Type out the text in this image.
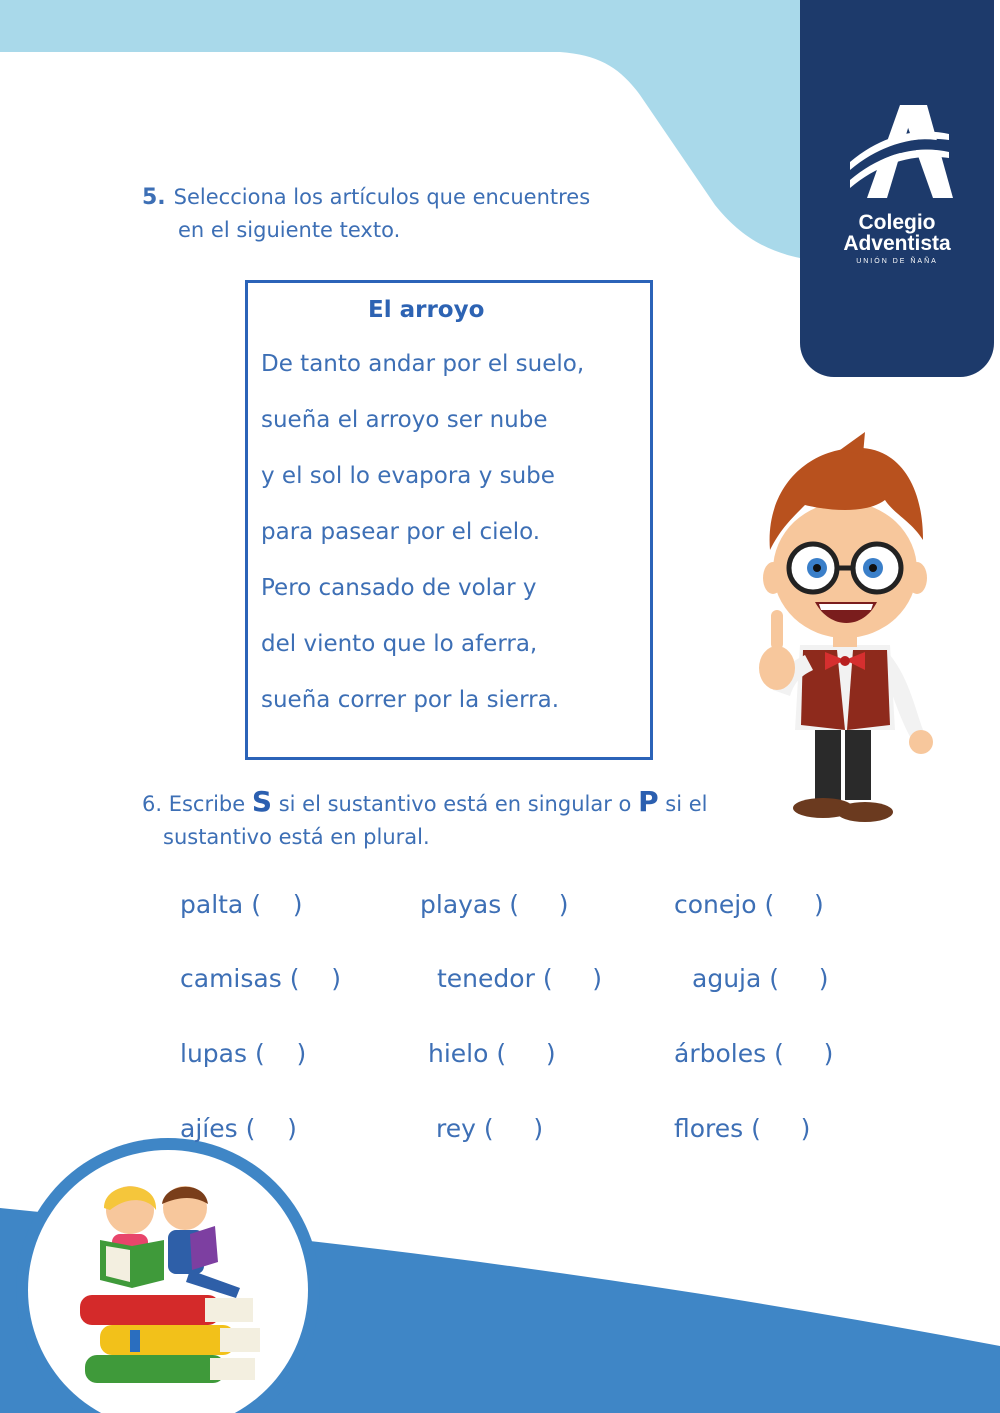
Colegio
Adventista
UNIÓN DE ÑAÑA
5. Selecciona los artículos que encuentres
en el siguiente texto.
El arroyo
De tanto andar por el suelo,
sueña el arroyo ser nube
y el sol lo evapora y sube
para pasear por el cielo.
Pero cansado de volar y
del viento que lo aferra,
sueña correr por la sierra.
6. Escribe S si el sustantivo está en singular o P si el
sustantivo está en plural.
palta (    )	playas (     )	conejo (     )
camisas (    )	tenedor (     )	aguja (     )
lupas (    )	hielo (     )	árboles (     )
ajíes (    )	rey (     )	flores (     )
